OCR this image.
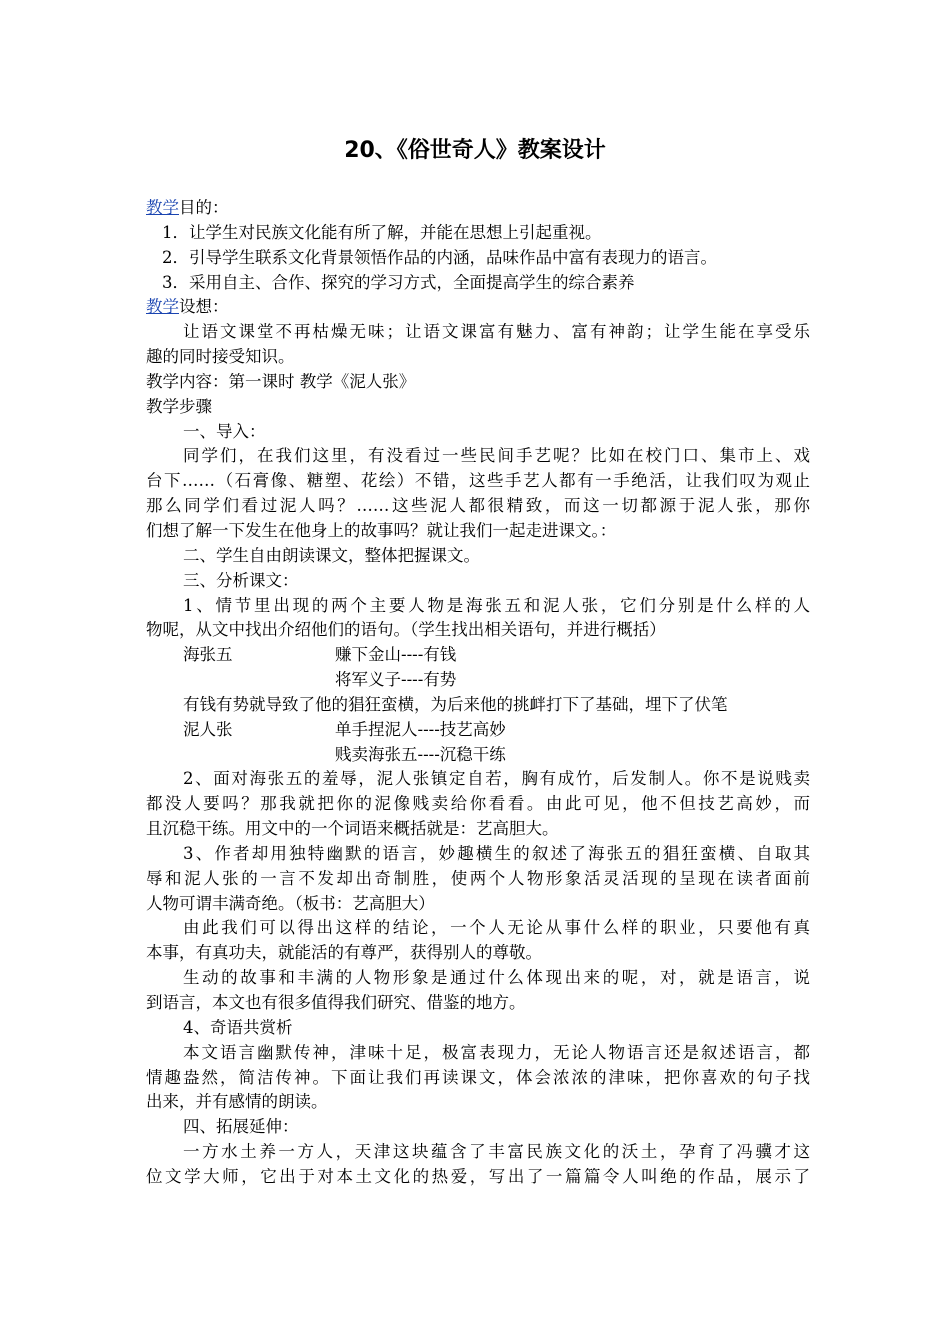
20、《俗世奇人》教案设计
教学目的：
1．让学生对民族文化能有所了解，并能在思想上引起重视。
2．引导学生联系文化背景领悟作品的内涵，品味作品中富有表现力的语言。
3．采用自主、合作、探究的学习方式，全面提高学生的综合素养
教学设想：
让语文课堂不再枯燥无味；让语文课富有魅力、富有神韵；让学生能在享受乐
趣的同时接受知识。
教学内容：第一课时 教学《泥人张》
教学步骤
一、导入：
同学们，在我们这里，有没看过一些民间手艺呢？比如在校门口、集市上、戏
台下……（石膏像、糖塑、花绘）不错，这些手艺人都有一手绝活，让我们叹为观止
那么同学们看过泥人吗？……这些泥人都很精致，而这一切都源于泥人张，那你
们想了解一下发生在他身上的故事吗？就让我们一起走进课文。：
二、学生自由朗读课文，整体把握课文。
三、分析课文：
1、情节里出现的两个主要人物是海张五和泥人张，它们分别是什么样的人
物呢，从文中找出介绍他们的语句。（学生找出相关语句，并进行概括）
海张五	赚下金山----有钱
将军义子----有势
有钱有势就导致了他的猖狂蛮横，为后来他的挑衅打下了基础，埋下了伏笔
泥人张	单手捏泥人----技艺高妙
贱卖海张五----沉稳干练
2、面对海张五的羞辱，泥人张镇定自若，胸有成竹，后发制人。你不是说贱卖
都没人要吗？那我就把你的泥像贱卖给你看看。由此可见，他不但技艺高妙，而
且沉稳干练。用文中的一个词语来概括就是：艺高胆大。
3、作者却用独特幽默的语言，妙趣横生的叙述了海张五的猖狂蛮横、自取其
辱和泥人张的一言不发却出奇制胜，使两个人物形象活灵活现的呈现在读者面前
人物可谓丰满奇绝。（板书：艺高胆大）
由此我们可以得出这样的结论，一个人无论从事什么样的职业，只要他有真
本事，有真功夫，就能活的有尊严，获得别人的尊敬。
生动的故事和丰满的人物形象是通过什么体现出来的呢，对，就是语言，说
到语言，本文也有很多值得我们研究、借鉴的地方。
4、奇语共赏析
本文语言幽默传神，津味十足，极富表现力，无论人物语言还是叙述语言，都
情趣盎然，简洁传神。下面让我们再读课文，体会浓浓的津味，把你喜欢的句子找
出来，并有感情的朗读。
四、拓展延伸：
一方水土养一方人，天津这块蕴含了丰富民族文化的沃土，孕育了冯骥才这
位文学大师，它出于对本土文化的热爱，写出了一篇篇令人叫绝的作品，展示了
